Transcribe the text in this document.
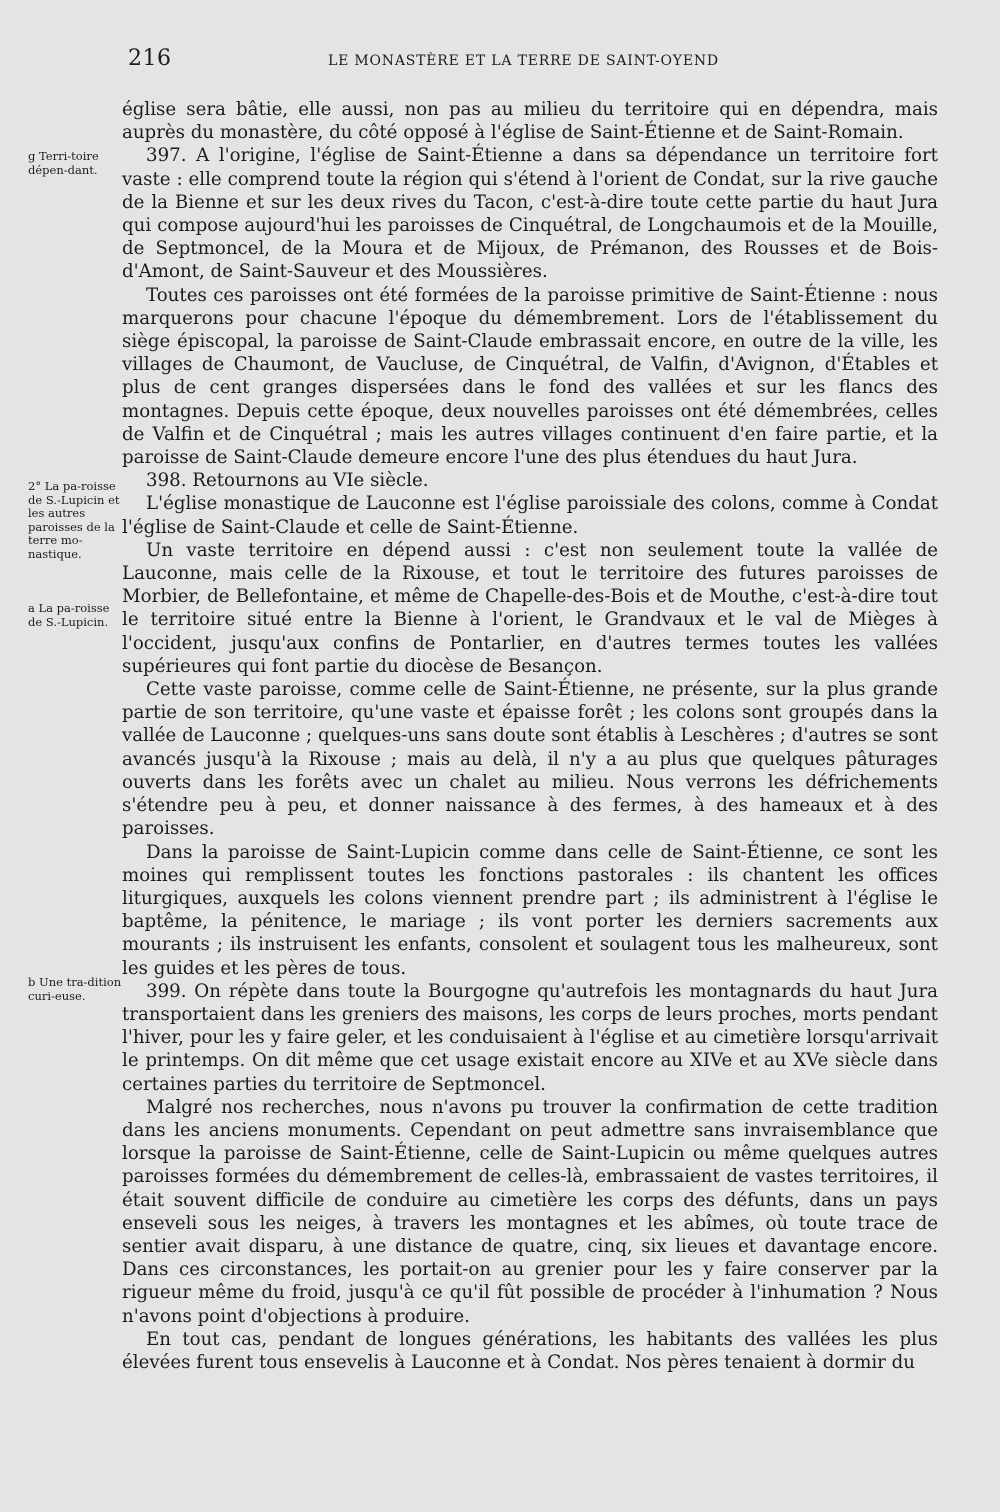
216	LE MONASTÈRE ET LA TERRE DE SAINT-OYEND
g Terri-toire dépen-dant.
2° La pa-roisse de S.-Lupicin et les autres paroisses de la terre mo-nastique.
a La pa-roisse de S.-Lupicin.
b Une tra-dition curi-euse.

église sera bâtie, elle aussi, non pas au milieu du territoire qui en dépendra, mais auprès du monastère, du côté opposé à l'église de Saint-Étienne et de Saint-Romain.

397. A l'origine, l'église de Saint-Étienne a dans sa dépendance un territoire fort vaste : elle comprend toute la région qui s'étend à l'orient de Condat, sur la rive gauche de la Bienne et sur les deux rives du Tacon, c'est-à-dire toute cette partie du haut Jura qui compose aujourd'hui les paroisses de Cinquétral, de Longchaumois et de la Mouille, de Septmoncel, de la Moura et de Mijoux, de Prémanon, des Rousses et de Bois-d'Amont, de Saint-Sauveur et des Moussières.

Toutes ces paroisses ont été formées de la paroisse primitive de Saint-Étienne : nous marquerons pour chacune l'époque du démembrement. Lors de l'établissement du siège épiscopal, la paroisse de Saint-Claude embrassait encore, en outre de la ville, les villages de Chaumont, de Vaucluse, de Cinquétral, de Valfin, d'Avignon, d'Étables et plus de cent granges dispersées dans le fond des vallées et sur les flancs des montagnes. Depuis cette époque, deux nouvelles paroisses ont été démembrées, celles de Valfin et de Cinquétral ; mais les autres villages continuent d'en faire partie, et la paroisse de Saint-Claude demeure encore l'une des plus étendues du haut Jura.

398. Retournons au VIe siècle.

L'église monastique de Lauconne est l'église paroissiale des colons, comme à Condat l'église de Saint-Claude et celle de Saint-Étienne.

Un vaste territoire en dépend aussi : c'est non seulement toute la vallée de Lauconne, mais celle de la Rixouse, et tout le territoire des futures paroisses de Morbier, de Bellefontaine, et même de Chapelle-des-Bois et de Mouthe, c'est-à-dire tout le territoire situé entre la Bienne à l'orient, le Grandvaux et le val de Mièges à l'occident, jusqu'aux confins de Pontarlier, en d'autres termes toutes les vallées supérieures qui font partie du diocèse de Besançon.

Cette vaste paroisse, comme celle de Saint-Étienne, ne présente, sur la plus grande partie de son territoire, qu'une vaste et épaisse forêt ; les colons sont groupés dans la vallée de Lauconne ; quelques-uns sans doute sont établis à Leschères ; d'autres se sont avancés jusqu'à la Rixouse ; mais au delà, il n'y a au plus que quelques pâturages ouverts dans les forêts avec un chalet au milieu. Nous verrons les défrichements s'étendre peu à peu, et donner naissance à des fermes, à des hameaux et à des paroisses.

Dans la paroisse de Saint-Lupicin comme dans celle de Saint-Étienne, ce sont les moines qui remplissent toutes les fonctions pastorales : ils chantent les offices liturgiques, auxquels les colons viennent prendre part ; ils administrent à l'église le baptême, la pénitence, le mariage ; ils vont porter les derniers sacrements aux mourants ; ils instruisent les enfants, consolent et soulagent tous les malheureux, sont les guides et les pères de tous.

399. On répète dans toute la Bourgogne qu'autrefois les montagnards du haut Jura transportaient dans les greniers des maisons, les corps de leurs proches, morts pendant l'hiver, pour les y faire geler, et les conduisaient à l'église et au cimetière lorsqu'arrivait le printemps. On dit même que cet usage existait encore au XIVe et au XVe siècle dans certaines parties du territoire de Septmoncel.

Malgré nos recherches, nous n'avons pu trouver la confirmation de cette tradition dans les anciens monuments. Cependant on peut admettre sans invraisemblance que lorsque la paroisse de Saint-Étienne, celle de Saint-Lupicin ou même quelques autres paroisses formées du démembrement de celles-là, embrassaient de vastes territoires, il était souvent difficile de conduire au cimetière les corps des défunts, dans un pays enseveli sous les neiges, à travers les montagnes et les abîmes, où toute trace de sentier avait disparu, à une distance de quatre, cinq, six lieues et davantage encore. Dans ces circonstances, les portait-on au grenier pour les y faire conserver par la rigueur même du froid, jusqu'à ce qu'il fût possible de procéder à l'inhumation ? Nous n'avons point d'objections à produire.

En tout cas, pendant de longues générations, les habitants des vallées les plus élevées furent tous ensevelis à Lauconne et à Condat. Nos pères tenaient à dormir du
